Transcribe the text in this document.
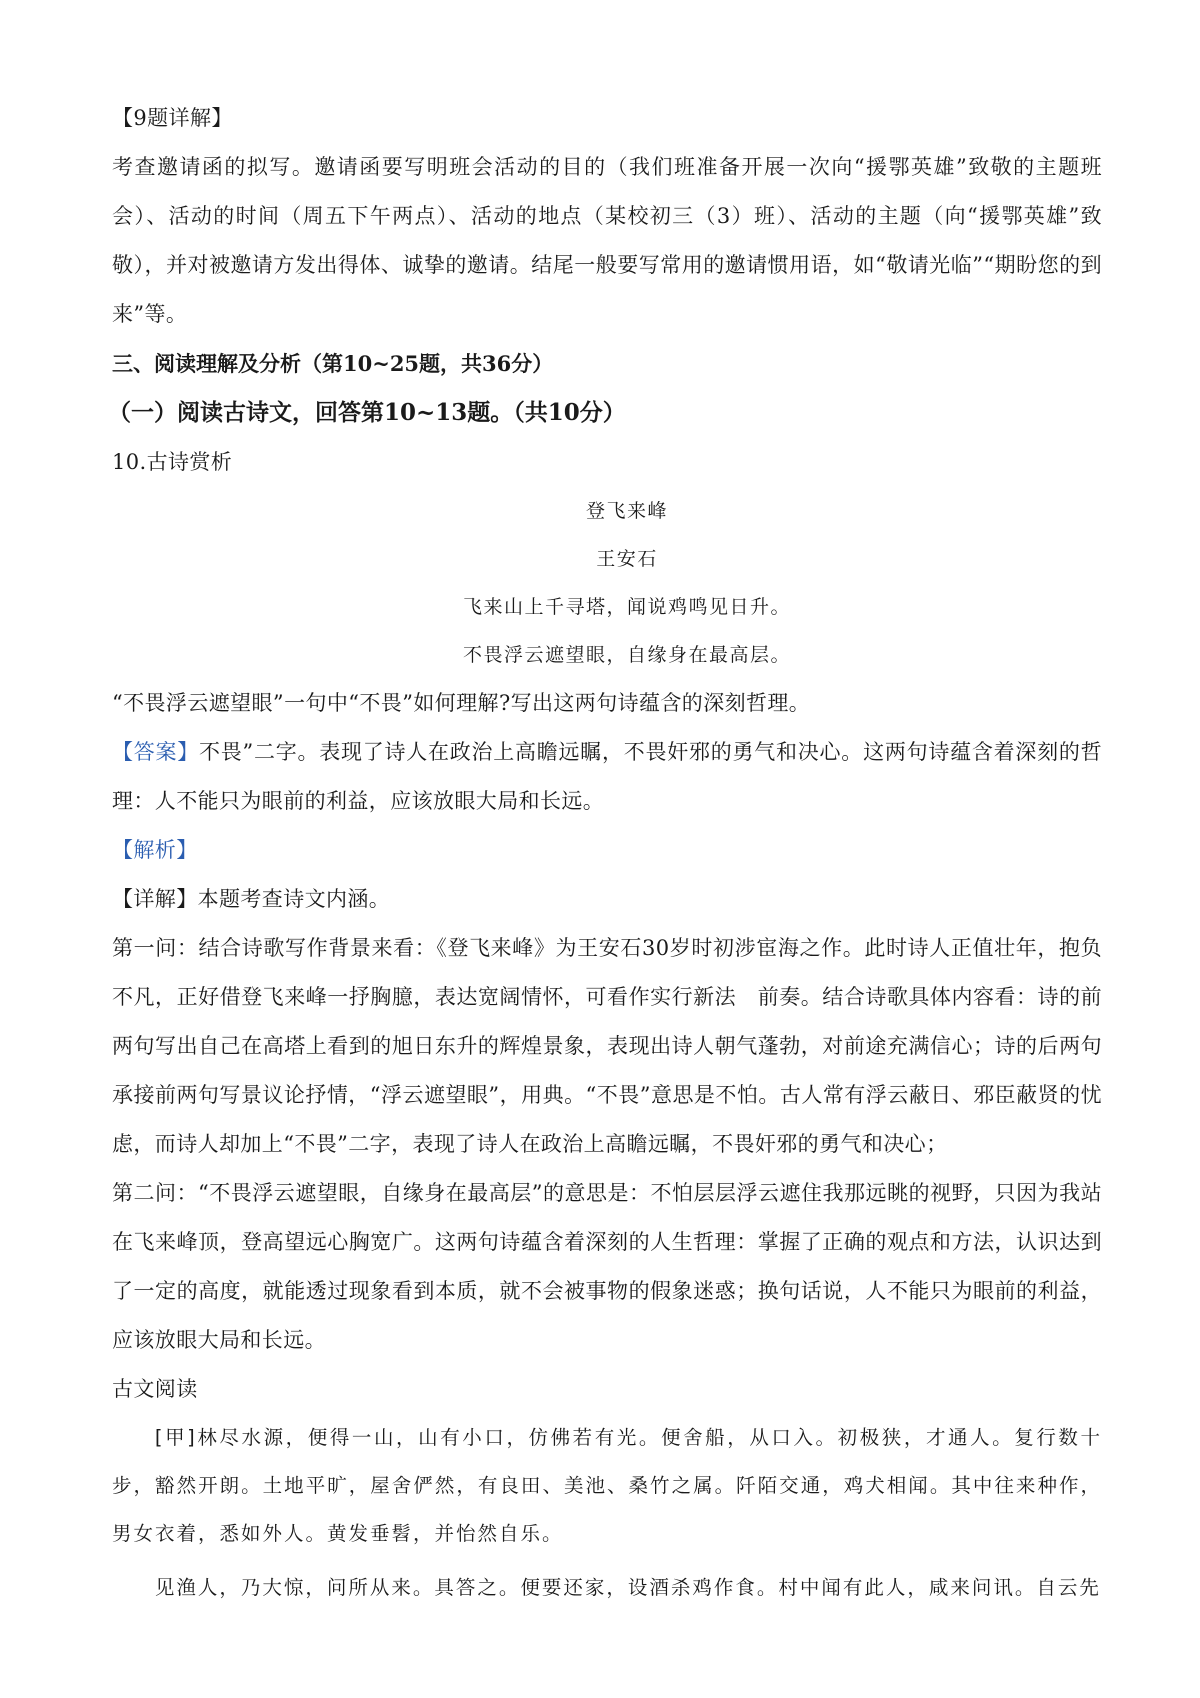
【9题详解】

考查邀请函的拟写。邀请函要写明班会活动的目的（我们班准备开展一次向“援鄂英雄”致敬的主题班会）、活动的时间（周五下午两点）、活动的地点（某校初三（3）班）、活动的主题（向“援鄂英雄”致敬），并对被邀请方发出得体、诚挚的邀请。结尾一般要写常用的邀请惯用语，如“敬请光临”“期盼您的到来”等。

三、阅读理解及分析（第10~25题，共36分）

（一）阅读古诗文，回答第10~13题。（共10分）

10.古诗赏析

登飞来峰

王安石

飞来山上千寻塔，闻说鸡鸣见日升。

不畏浮云遮望眼，自缘身在最高层。

“不畏浮云遮望眼”一句中“不畏”如何理解?写出这两句诗蕴含的深刻哲理。

【答案】不畏”二字。表现了诗人在政治上高瞻远瞩，不畏奸邪的勇气和决心。这两句诗蕴含着深刻的哲理：人不能只为眼前的利益，应该放眼大局和长远。

【解析】

【详解】本题考查诗文内涵。

第一问：结合诗歌写作背景来看：《登飞来峰》为王安石30岁时初涉宦海之作。此时诗人正值壮年，抱负不凡，正好借登飞来峰一抒胸臆，表达宽阔情怀，可看作实行新法　前奏。结合诗歌具体内容看：诗的前两句写出自己在高塔上看到的旭日东升的辉煌景象，表现出诗人朝气蓬勃，对前途充满信心；诗的后两句承接前两句写景议论抒情，“浮云遮望眼”，用典。“不畏”意思是不怕。古人常有浮云蔽日、邪臣蔽贤的忧虑，而诗人却加上“不畏”二字，表现了诗人在政治上高瞻远瞩，不畏奸邪的勇气和决心；

第二问：“不畏浮云遮望眼，自缘身在最高层”的意思是：不怕层层浮云遮住我那远眺的视野，只因为我站在飞来峰顶，登高望远心胸宽广。这两句诗蕴含着深刻的人生哲理：掌握了正确的观点和方法，认识达到了一定的高度，就能透过现象看到本质，就不会被事物的假象迷惑；换句话说，人不能只为眼前的利益，应该放眼大局和长远。

古文阅读

[甲]林尽水源，便得一山，山有小口，仿佛若有光。便舍船，从口入。初极狭，才通人。复行数十步，豁然开朗。土地平旷，屋舍俨然，有良田、美池、桑竹之属。阡陌交通，鸡犬相闻。其中往来种作，男女衣着，悉如外人。黄发垂髫，并怡然自乐。

见渔人，乃大惊，问所从来。具答之。便要还家，设酒杀鸡作食。村中闻有此人，咸来问讯。自云先
